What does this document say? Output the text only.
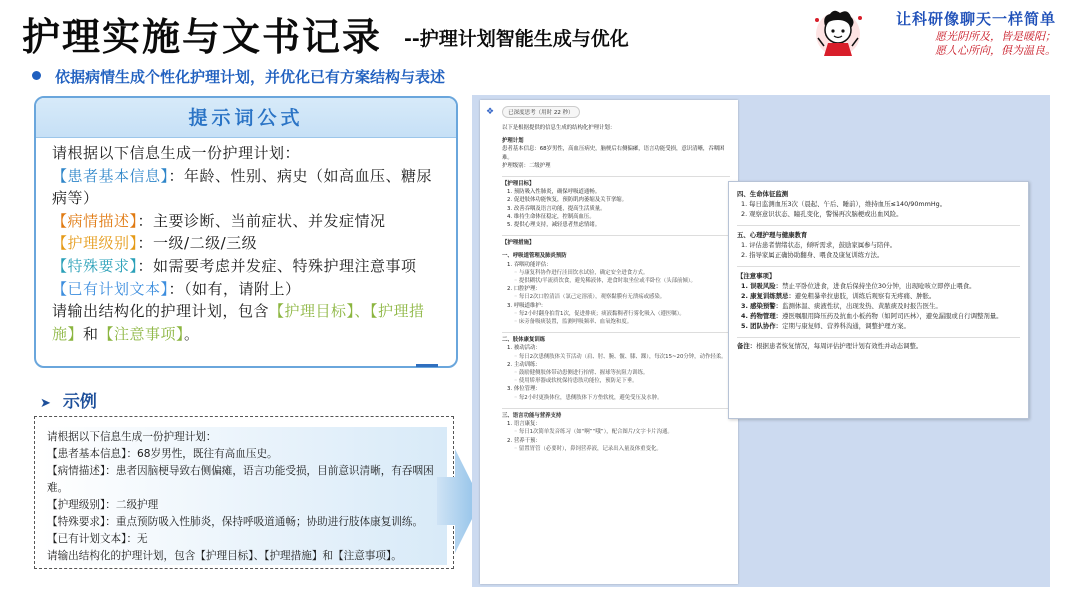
护理实施与文书记录 --护理计划智能生成与优化
让科研像聊天一样简单
愿光阴所及，皆是暖阳；
愿人心所向，俱为温良。
依据病情生成个性化护理计划，并优化已有方案结构与表述
提示词公式
请根据以下信息生成一份护理计划：
【患者基本信息】：年龄、性别、病史（如高血压、糖尿病等）
【病情描述】：主要诊断、当前症状、并发症情况
【护理级别】：一级/二级/三级
【特殊要求】：如需要考虑并发症、特殊护理注意事项
【已有计划文本】：（如有，请附上）
请输出结构化的护理计划，包含【护理目标】、【护理措施】和【注意事项】。
➤ 示例
请根据以下信息生成一份护理计划：
【患者基本信息】：68岁男性，既往有高血压史。
【病情描述】：患者因脑梗导致右侧偏瘫，语言功能受损，目前意识清晰，有吞咽困难。
【护理级别】：二级护理
【特殊要求】：重点预防吸入性肺炎，保持呼吸道通畅；协助进行肢体康复训练。
【已有计划文本】：无
请输出结构化的护理计划，包含【护理目标】、【护理措施】和【注意事项】。
❖	已深度思考（用时 22 秒）
以下是根据提供的信息生成的结构化护理计划：
护理计划
患者基本信息：68岁男性，高血压病史，脑梗后右侧偏瘫，语言功能受损，意识清晰，吞咽困难。
护理级别：二级护理
【护理目标】
1. 预防吸入性肺炎，确保呼吸道通畅。
2. 促进肢体功能恢复，预防肌肉萎缩及关节挛缩。
3. 改善吞咽及语言功能，提高生活质量。
4. 维持生命体征稳定，控制高血压。
5. 提供心理支持，减轻患者焦虑情绪。
【护理措施】
一、呼吸道管理及肺炎预防
1. 吞咽功能评估：
◦ 与康复科协作进行洼田饮水试验，确定安全进食方式。
◦ 提供糊状/半流质饮食，避免稀液体，进食时取坐位或半卧位（头部前倾）。
2. 口腔护理：
◦ 每日2次口腔清洁（氯己定溶液），观察黏膜有无溃疡或感染。
3. 呼吸道维护：
◦ 每2小时翻身拍背1次，促进排痰；痰液黏稠者行雾化吸入（遵医嘱）。
◦ 床旁备吸痰装置，监测呼吸频率、血氧饱和度。
二、肢体康复训练
1. 被动活动：
◦ 每日2次患侧肢体关节活动（肩、肘、腕、髋、膝、踝），每次15~20分钟，动作轻柔。
2. 主动训练：
◦ 鼓励健侧肢体带动患侧进行抬臂、握球等抗阻力训练。
◦ 使用矫形器或软枕保持患肢功能位，预防足下垂。
3. 体位管理：
◦ 每2小时更换体位，患侧肢体下方垫软枕，避免受压及水肿。
三、语言功能与营养支持
1. 语言康复：
◦ 每日1次简单发音练习（如“啊”“哦”），配合图片/文字卡片沟通。
2. 营养干预：
◦ 留置胃管（必要时），鼻饲营养液，记录出入量及体重变化。
四、生命体征监测
1. 每日监测血压3次（晨起、午后、睡前），维持血压≤140/90mmHg。
2. 观察意识状态、瞳孔变化，警惕再次脑梗或出血风险。
五、心理护理与健康教育
1. 评估患者情绪状态，倾听需求，鼓励家属参与陪伴。
2. 指导家属正确协助翻身、喂食及康复训练方法。
【注意事项】
1. 误吸风险：禁止平卧位进食，进食后保持坐位30分钟，出现呛咳立即停止喂食。
2. 康复训练禁忌：避免粗暴牵拉患肢，训练后观察有无疼痛、肿胀。
3. 感染预警：监测体温、痰液性状，出现发热、黄脓痰及时报告医生。
4. 药物管理：遵医嘱服用降压药及抗血小板药物（如阿司匹林），避免漏服或自行调整剂量。
5. 团队协作：定期与康复师、营养科沟通，调整护理方案。
备注：根据患者恢复情况，每周评估护理计划有效性并动态调整。
